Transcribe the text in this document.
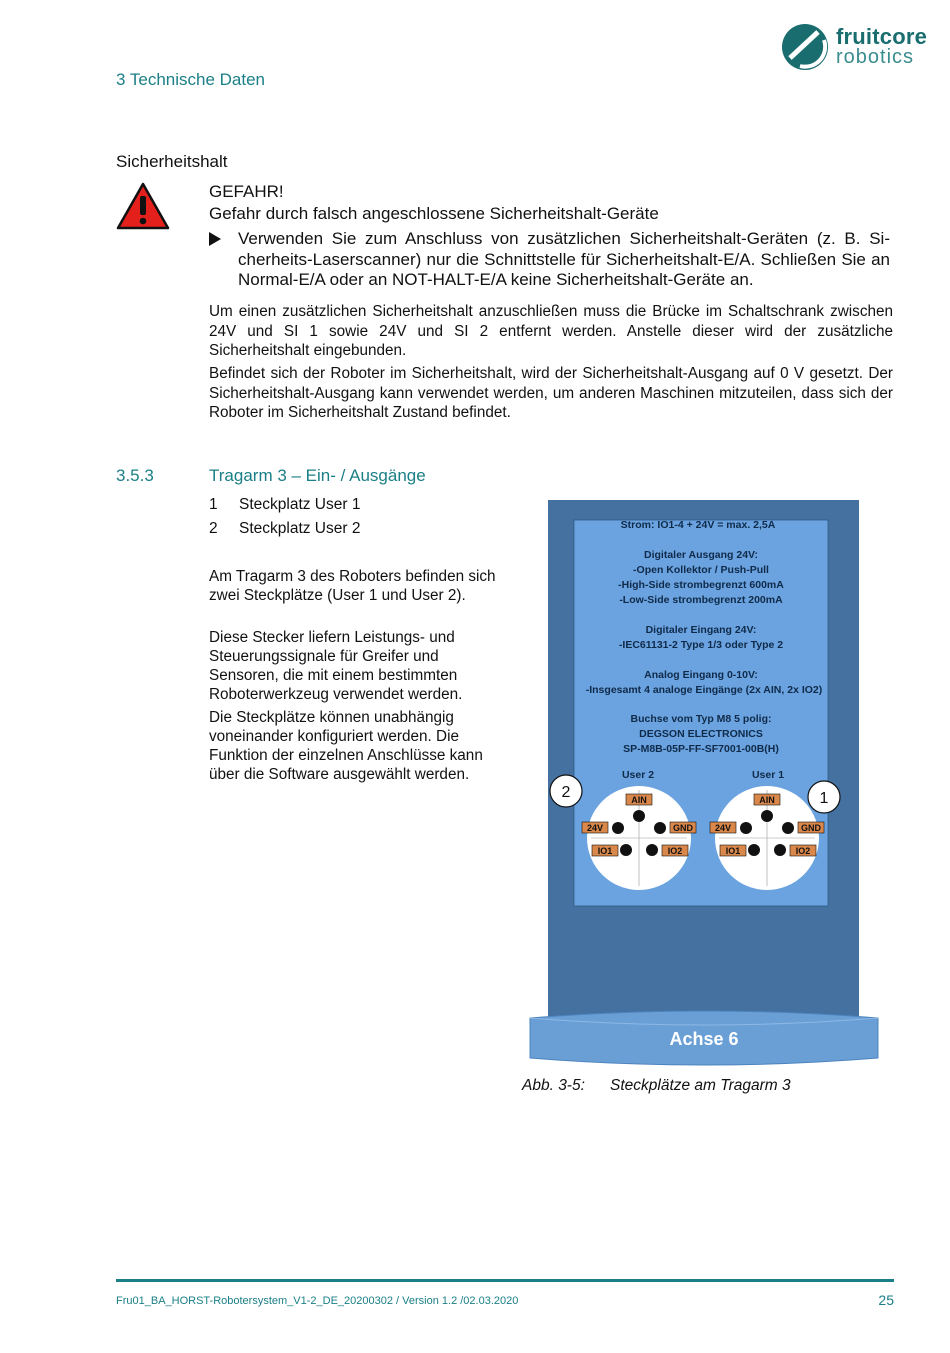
3 Technische Daten
fruitcore
robotics
Sicherheitshalt
GEFAHR!
Gefahr durch falsch angeschlossene Sicherheitshalt-Geräte
Verwenden Sie zum Anschluss von zusätzlichen Sicherheitshalt-Geräten (z. B. Sicherheits-Laserscanner) nur die Schnittstelle für Sicherheitshalt-E/A. Schließen Sie an Normal-E/A oder an NOT-HALT-E/A keine Sicherheitshalt-Geräte an.
Um einen zusätzlichen Sicherheitshalt anzuschließen muss die Brücke im Schaltschrank zwischen 24V und SI 1 sowie 24V und SI 2 entfernt werden. Anstelle dieser wird der zusätzliche Sicherheitshalt eingebunden.
Befindet sich der Roboter im Sicherheitshalt, wird der Sicherheitshalt-Ausgang auf 0 V gesetzt. Der Sicherheitshalt-Ausgang kann verwendet werden, um anderen Maschinen mitzuteilen, dass sich der Roboter im Sicherheitshalt Zustand befindet.
3.5.3	Tragarm 3 – Ein- / Ausgänge
1 Steckplatz User 1
2 Steckplatz User 2
Am Tragarm 3 des Roboters befinden sich zwei Steckplätze (User 1 und User 2).
Diese Stecker liefern Leistungs- und Steuerungssignale für Greifer und Sensoren, die mit einem bestimmten Roboterwerkzeug verwendet werden.
Die Steckplätze können unabhängig voneinander konfiguriert werden. Die Funktion der einzelnen Anschlüsse kann über die Software ausgewählt werden.
Strom: IO1-4 + 24V = max. 2,5A
Digitaler Ausgang 24V:
-Open Kollektor / Push-Pull
-High-Side strombegrenzt 600mA
-Low-Side strombegrenzt 200mA
Digitaler Eingang 24V:
-IEC61131-2 Type 1/3 oder Type 2
Analog Eingang 0-10V:
-Insgesamt 4 analoge Eingänge (2x AIN, 2x IO2)
Buchse vom Typ M8 5 polig:
DEGSON ELECTRONICS
SP-M8B-05P-FF-SF7001-00B(H)
User 2	User 1
AIN
24V	GND
IO1	IO2
AIN
24V	GND
IO1	IO2
2	1
Achse 6
Abb. 3-5: Steckplätze am Tragarm 3
Fru01_BA_HORST-Robotersystem_V1-2_DE_20200302 / Version 1.2 /02.03.2020	25
